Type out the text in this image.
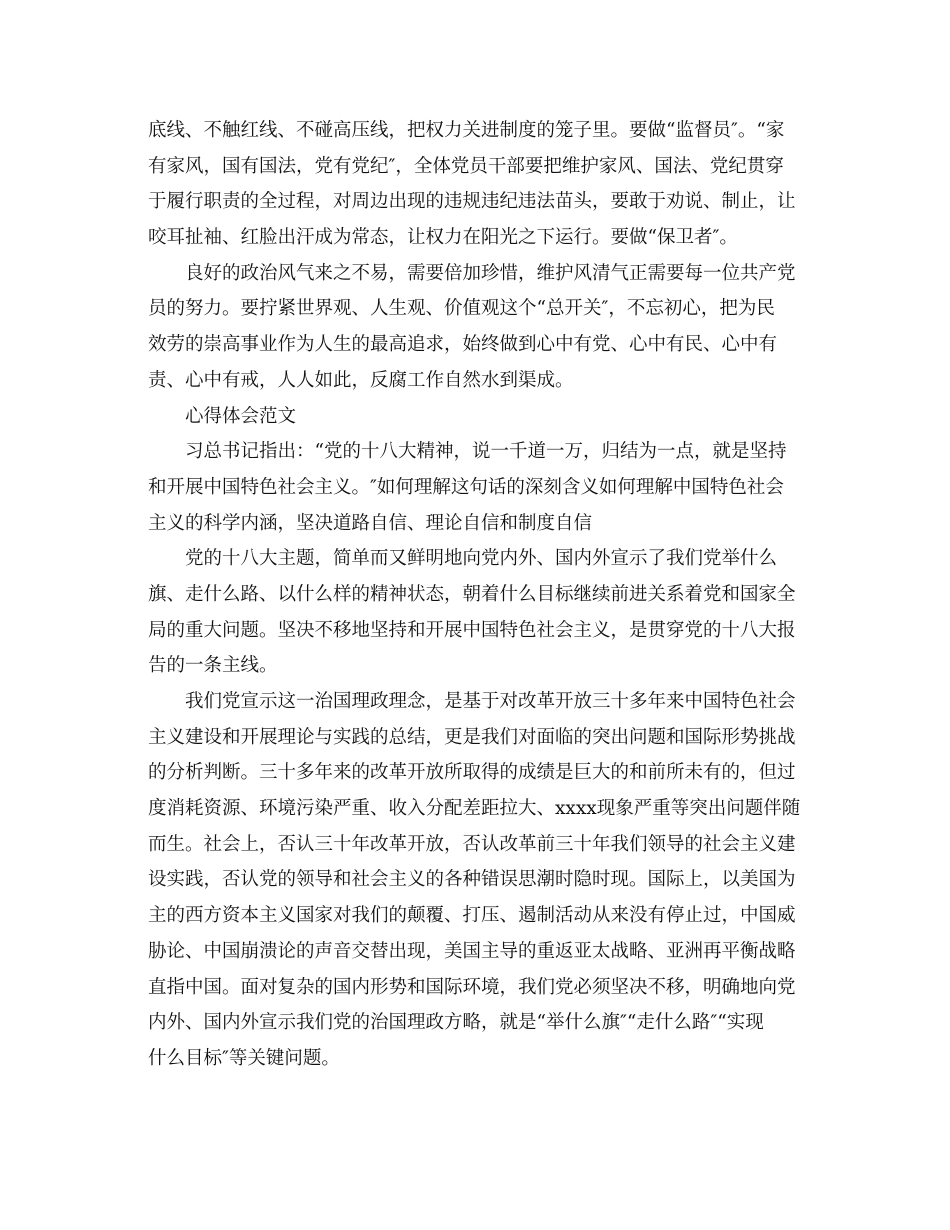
底线、不触红线、不碰高压线，把权力关进制度的笼子里。要做“监督员″。“家
有家风，国有国法，党有党纪″，全体党员干部要把维护家风、国法、党纪贯穿
于履行职责的全过程，对周边出现的违规违纪违法苗头，要敢于劝说、制止，让
咬耳扯袖、红脸出汗成为常态，让权力在阳光之下运行。要做“保卫者″。
良好的政治风气来之不易，需要倍加珍惜，维护风清气正需要每一位共产党
员的努力。要拧紧世界观、人生观、价值观这个“总开关″，不忘初心，把为民
效劳的崇高事业作为人生的最高追求，始终做到心中有党、心中有民、心中有
责、心中有戒，人人如此，反腐工作自然水到渠成。
心得体会范文
习总书记指出：“党的十八大精神，说一千道一万，归结为一点，就是坚持
和开展中国特色社会主义。″如何理解这句话的深刻含义如何理解中国特色社会
主义的科学内涵，坚决道路自信、理论自信和制度自信
党的十八大主题，简单而又鲜明地向党内外、国内外宣示了我们党举什么
旗、走什么路、以什么样的精神状态，朝着什么目标继续前进关系着党和国家全
局的重大问题。坚决不移地坚持和开展中国特色社会主义，是贯穿党的十八大报
告的一条主线。
我们党宣示这一治国理政理念，是基于对改革开放三十多年来中国特色社会
主义建设和开展理论与实践的总结，更是我们对面临的突出问题和国际形势挑战
的分析判断。三十多年来的改革开放所取得的成绩是巨大的和前所未有的，但过
度消耗资源、环境污染严重、收入分配差距拉大、xxxx现象严重等突出问题伴随
而生。社会上，否认三十年改革开放，否认改革前三十年我们领导的社会主义建
设实践，否认党的领导和社会主义的各种错误思潮时隐时现。国际上，以美国为
主的西方资本主义国家对我们的颠覆、打压、遏制活动从来没有停止过，中国威
胁论、中国崩溃论的声音交替出现，美国主导的重返亚太战略、亚洲再平衡战略
直指中国。面对复杂的国内形势和国际环境，我们党必须坚决不移，明确地向党
内外、国内外宣示我们党的治国理政方略，就是“举什么旗″“走什么路″“实现
什么目标″等关键问题。
